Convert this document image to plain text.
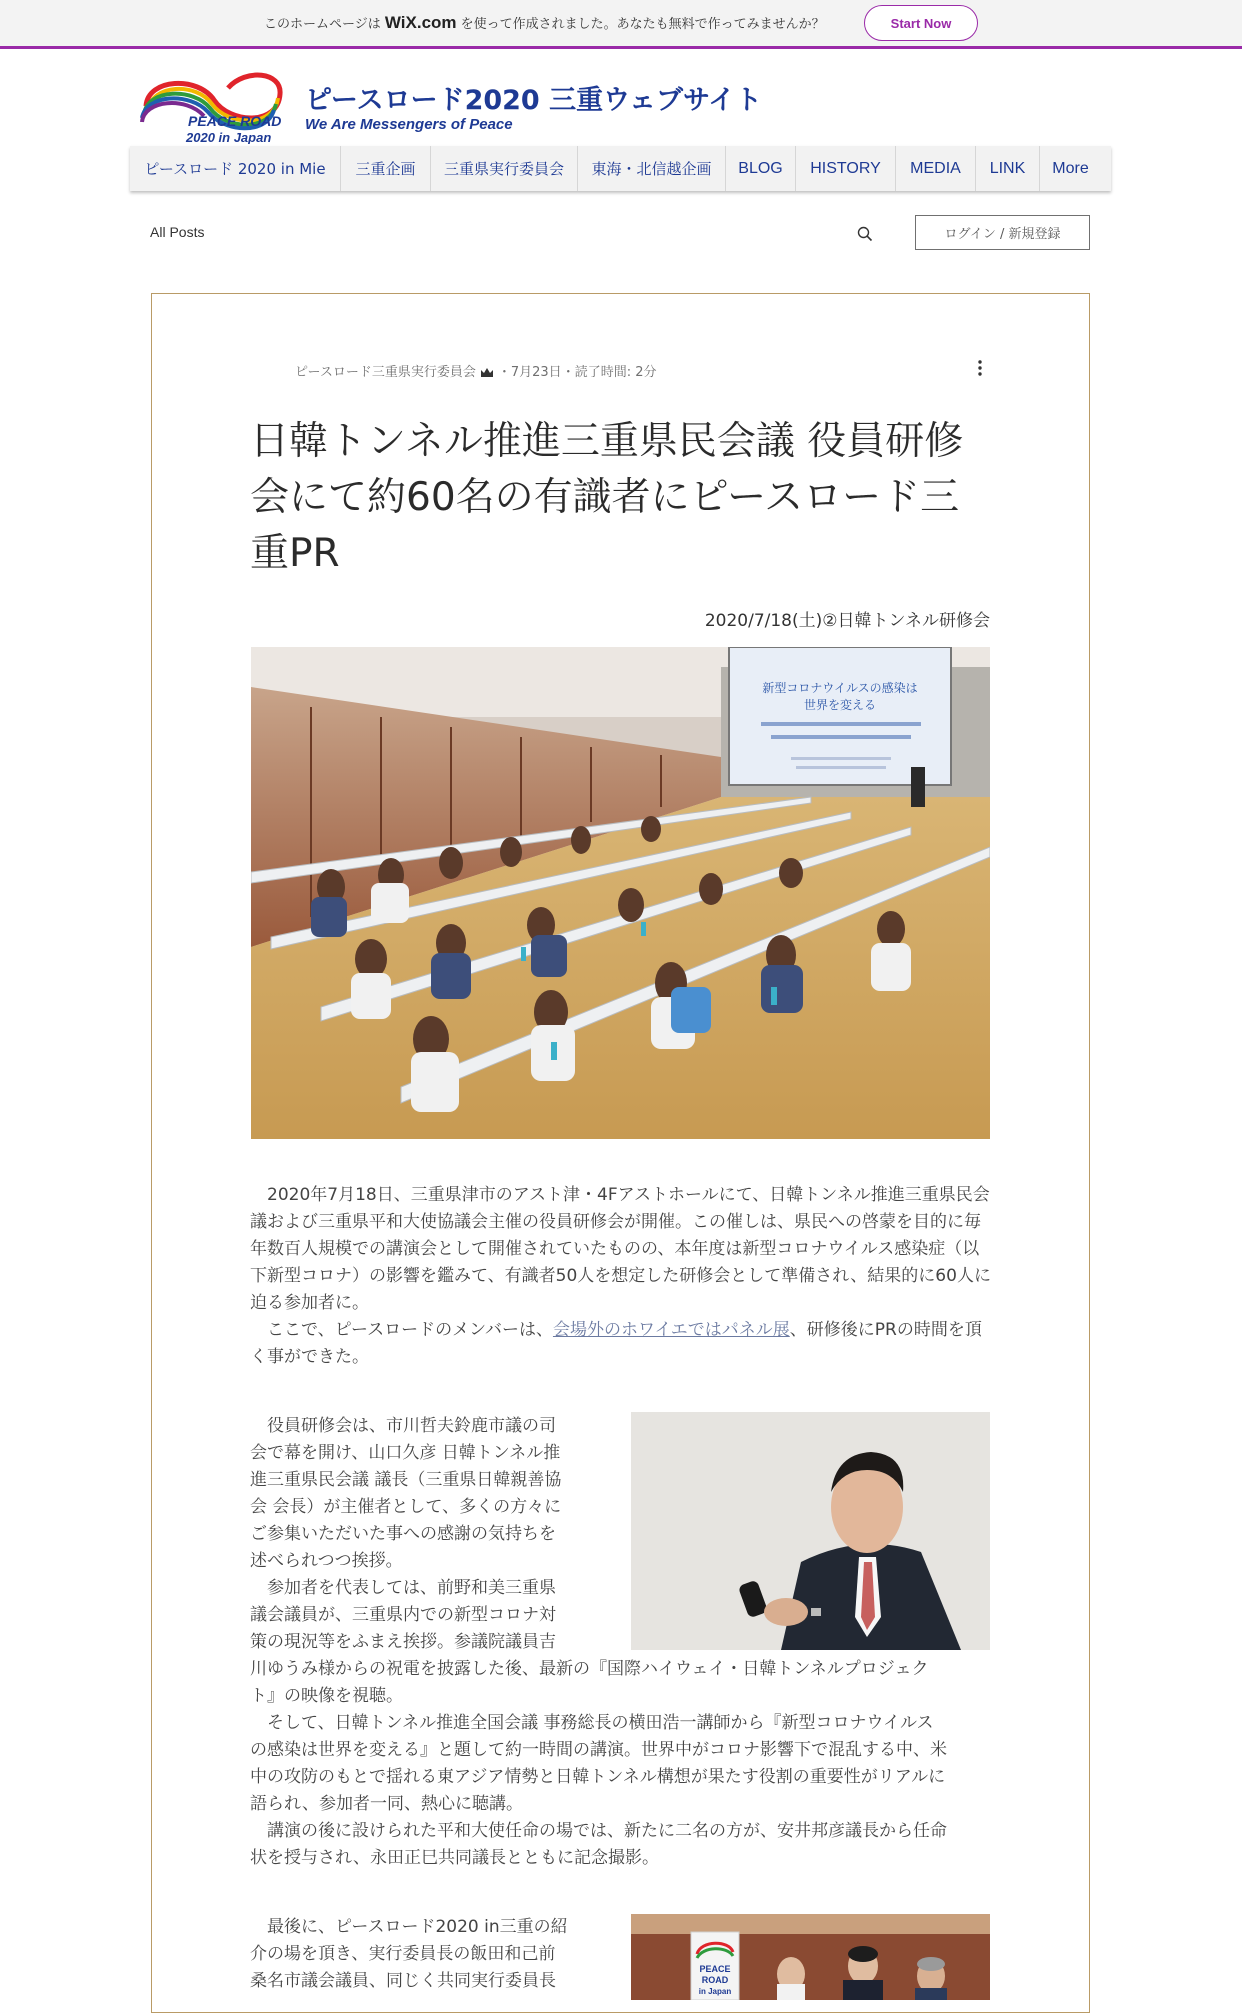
このホームページは WiX.com を使って作成されました。あなたも無料で作ってみませんか？	Start Now
PEACE ROAD
2020 in Japan
ピースロード2020 三重ウェブサイト
We Are Messengers of Peace
ピースロード 2020 in Mie	三重企画	三重県実行委員会	東海・北信越企画	BLOG	HISTORY	MEDIA	LINK	More
All Posts	ログイン / 新規登録
ピースロード三重県実行委員会 ・7月23日・読了時間: 2分
日韓トンネル推進三重県民会議 役員研修会にて約60名の有識者にピースロード三重PR
2020/7/18(土)②日韓トンネル研修会
新型コロナウイルスの感染は
世界を変える

　2020年7月18日、三重県津市のアスト津・4Fアストホールにて、日韓トンネル推進三重県民会議および三重県平和大使協議会主催の役員研修会が開催。この催しは、県民への啓蒙を目的に毎年数百人規模での講演会として開催されていたものの、本年度は新型コロナウイルス感染症（以下新型コロナ）の影響を鑑みて、有識者50人を想定した研修会として準備され、結果的に60人に迫る参加者に。

　ここで、ピースロードのメンバーは、会場外のホワイエではパネル展、研修後にPRの時間を頂く事ができた。

　役員研修会は、市川哲夫鈴鹿市議の司

会で幕を開け、山口久彦 日韓トンネル推

進三重県民会議 議長（三重県日韓親善協

会 会長）が主催者として、多くの方々に

ご参集いただいた事への感謝の気持ちを

述べられつつ挨拶。

　参加者を代表しては、前野和美三重県

議会議員が、三重県内での新型コロナ対

策の現況等をふまえ挨拶。参議院議員吉

川ゆうみ様からの祝電を披露した後、最新の『国際ハイウェイ・日韓トンネルプロジェク

ト』の映像を視聴。

　そして、日韓トンネル推進全国会議 事務総長の横田浩一講師から『新型コロナウイルス

の感染は世界を変える』と題して約一時間の講演。世界中がコロナ影響下で混乱する中、米

中の攻防のもとで揺れる東アジア情勢と日韓トンネル構想が果たす役割の重要性がリアルに

語られ、参加者一同、熱心に聴講。

　講演の後に設けられた平和大使任命の場では、新たに二名の方が、安井邦彦議長から任命

状を授与され、永田正巳共同議長とともに記念撮影。

　最後に、ピースロード2020 in三重の紹

介の場を頂き、実行委員長の飯田和己前

桑名市議会議員、同じく共同実行委員長

PEACE
ROAD
in Japan
